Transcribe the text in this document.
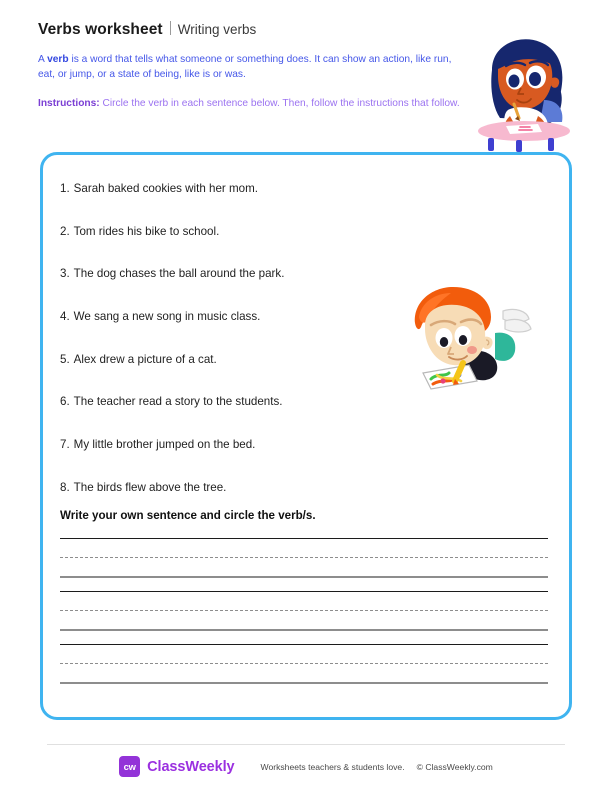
Verbs worksheet Writing verbs

A verb is a word that tells what someone or something does. It can show an action, like run, eat, or jump, or a state of being, like is or was.

Instructions: Circle the verb in each sentence below. Then, follow the instructions that follow.

1. Sarah baked cookies with her mom.
2. Tom rides his bike to school.
3. The dog chases the ball around the park.
4. We sang a new song in music class.
5. Alex drew a picture of a cat.
6. The teacher read a story to the students.
7. My little brother jumped on the bed.
8. The birds flew above the tree.
Write your own sentence and circle the verb/s.
cw ClassWeekly	Worksheets teachers & students love. © ClassWeekly.com
